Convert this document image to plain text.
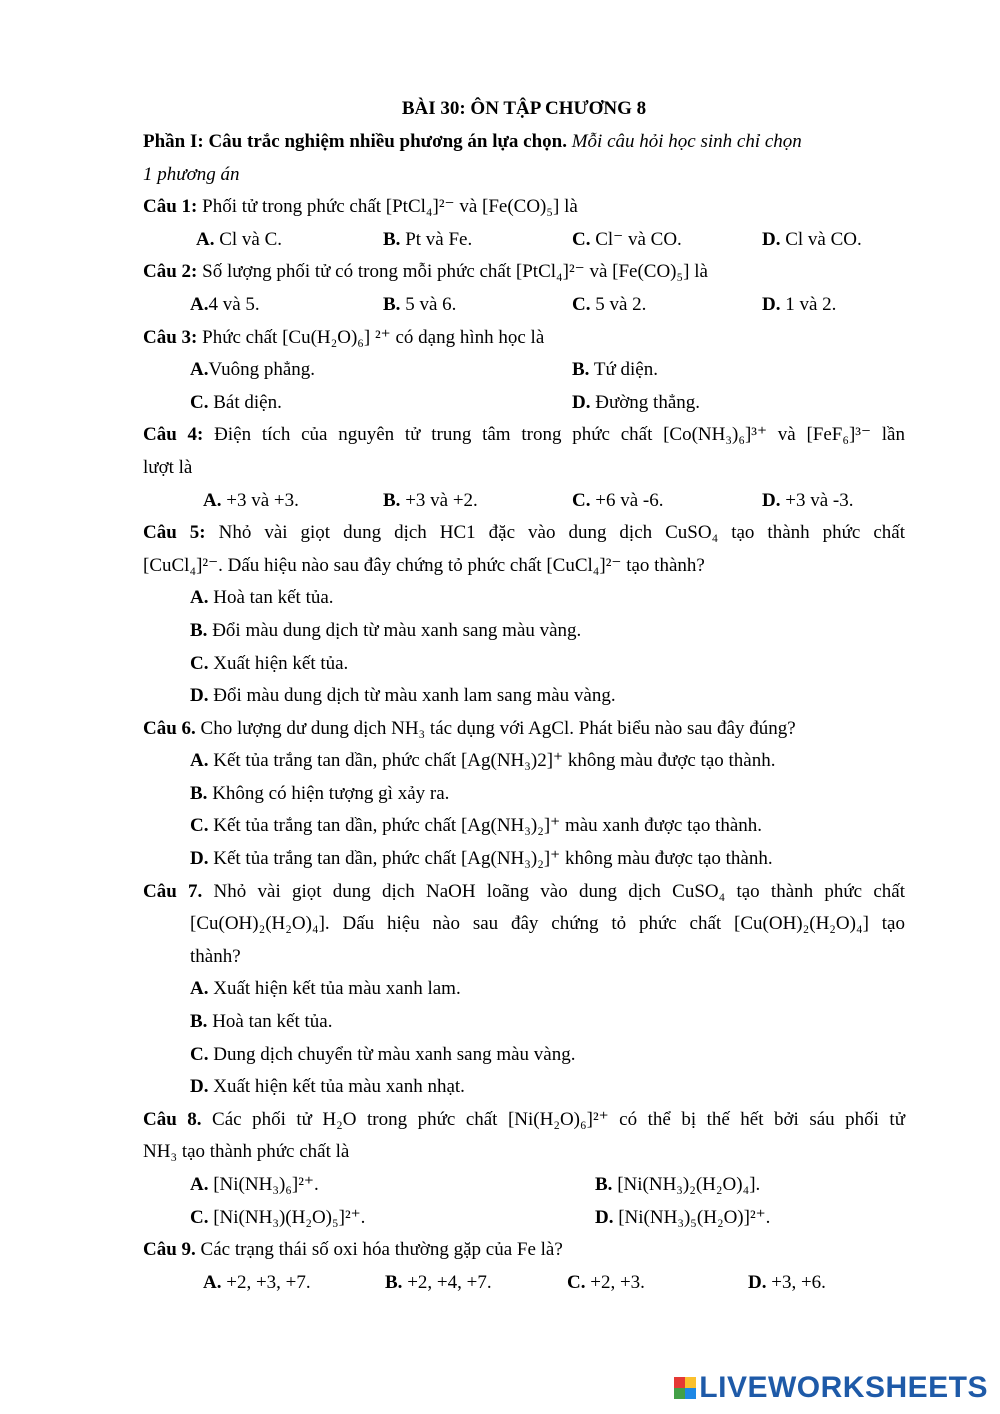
BÀI 30: ÔN TẬP CHƯƠNG 8
Phần I: Câu trắc nghiệm nhiều phương án lựa chọn. Mỗi câu hỏi học sinh chỉ chọn
1 phương án
Câu 1: Phối tử trong phức chất [PtCl₄]²⁻ và [Fe(CO)₅] là
A. Cl và C.	B. Pt và Fe.	C. Cl⁻ và CO.	D. Cl và CO.
Câu 2: Số lượng phối tử có trong mỗi phức chất [PtCl₄]²⁻ và [Fe(CO)₅] là
A.4 và 5.	B. 5 và 6.	C. 5 và 2.	D. 1 và 2.
Câu 3: Phức chất [Cu(H₂O)₆] ²⁺ có dạng hình học là
A.Vuông phẳng.	B. Tứ diện.
C. Bát diện.	D. Đường thẳng.
Câu 4: Điện tích của nguyên tử trung tâm trong phức chất [Co(NH₃)₆]³⁺ và [FeF₆]³⁻ lần
lượt là
A. +3 và +3.	B. +3 và +2.	C. +6 và -6.	D. +3 và -3.
Câu 5: Nhỏ vài giọt dung dịch HC1 đặc vào dung dịch CuSO₄ tạo thành phức chất
[CuCl₄]²⁻. Dấu hiệu nào sau đây chứng tỏ phức chất [CuCl₄]²⁻ tạo thành?
A. Hoà tan kết tủa.
B. Đổi màu dung dịch từ màu xanh sang màu vàng.
C. Xuất hiện kết tủa.
D. Đổi màu dung dịch từ màu xanh lam sang màu vàng.
Câu 6. Cho lượng dư dung dịch NH₃ tác dụng với AgCl. Phát biểu nào sau đây đúng?
A. Kết tủa trắng tan dần, phức chất [Ag(NH₃)2]⁺ không màu được tạo thành.
B. Không có hiện tượng gì xảy ra.
C. Kết tủa trắng tan dần, phức chất [Ag(NH₃)₂]⁺ màu xanh được tạo thành.
D. Kết tủa trắng tan dần, phức chất [Ag(NH₃)₂]⁺ không màu được tạo thành.
Câu 7. Nhỏ vài giọt dung dịch NaOH loãng vào dung dịch CuSO₄ tạo thành phức chất
[Cu(OH)₂(H₂O)₄]. Dấu hiệu nào sau đây chứng tỏ phức chất [Cu(OH)₂(H₂O)₄] tạo
thành?
A. Xuất hiện kết tủa màu xanh lam.
B. Hoà tan kết tủa.
C. Dung dịch chuyển từ màu xanh sang màu vàng.
D. Xuất hiện kết tủa màu xanh nhạt.
Câu 8. Các phối tử H₂O trong phức chất [Ni(H₂O)₆]²⁺ có thể bị thế hết bởi sáu phối tử
NH₃ tạo thành phức chất là
A. [Ni(NH₃)₆]²⁺.	B. [Ni(NH₃)₂(H₂O)₄].
C. [Ni(NH₃)(H₂O)₅]²⁺.	D. [Ni(NH₃)₅(H₂O)]²⁺.
Câu 9. Các trạng thái số oxi hóa thường gặp của Fe là?
A. +2, +3, +7.	B. +2, +4, +7.	C. +2, +3.	D. +3, +6.
LIVEWORKSHEETS
